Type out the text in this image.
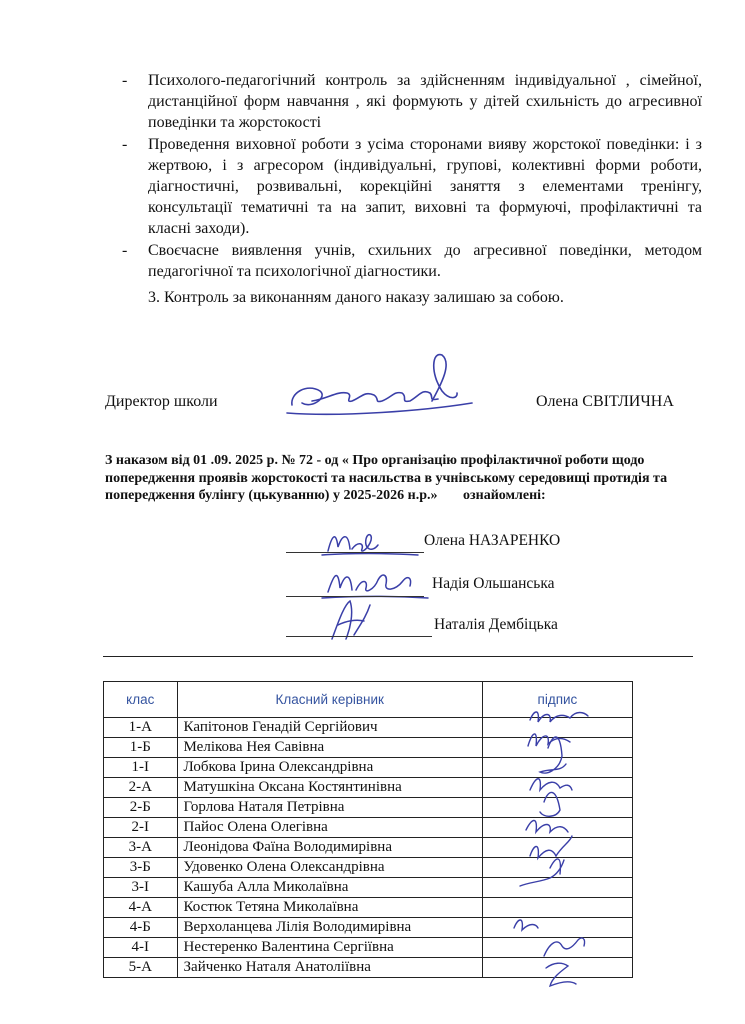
- Психолого-педагогічний контроль за здійсненням індивідуальної , сімейної, дистанційної форм навчання , які формують у дітей схильність до агресивної поведінки та жорстокості
- Проведення виховної роботи з усіма сторонами вияву жорстокої поведінки: і з жертвою, і з агресором (індивідуальні, групові, колективні форми роботи, діагностичні, розвивальні, корекційні заняття з елементами тренінгу, консультації тематичні та на запит, виховні та формуючі, профілактичні та класні заходи).
- Своєчасне виявлення учнів, схильних до агресивної поведінки, методом педагогічної та психологічної діагностики.
3. Контроль за виконанням даного наказу залишаю за собою.
Директор школи	Олена СВІТЛИЧНА
З наказом від 01 .09. 2025 р. № 72 - од « Про організацію профілактичної роботи щодо попередження проявів жорстокості та насильства в учнівському середовищі протидія та попередження булінгу (цькуванню) у 2025-2026 н.р.» ознайомлені:
Олена НАЗАРЕНКО
Надія Ольшанська
Наталія Дембіцька
клас	Класний керівник	підпис
1-А	Капітонов Генадій Сергійович	
1-Б	Мелікова Нея Савівна	
1-І	Лобкова Ірина Олександрівна	
2-А	Матушкіна Оксана Костянтинівна	
2-Б	Горлова Наталя Петрівна	
2-І	Пайос Олена Олегівна	
3-А	Леонідова Фаїна Володимирівна	
3-Б	Удовенко Олена Олександрівна	
3-І	Кашуба Алла Миколаївна	
4-А	Костюк Тетяна Миколаївна	
4-Б	Верхоланцева Лілія Володимирівна	
4-І	Нестеренко Валентина Сергіївна	
5-А	Зайченко Наталя Анатоліївна	
